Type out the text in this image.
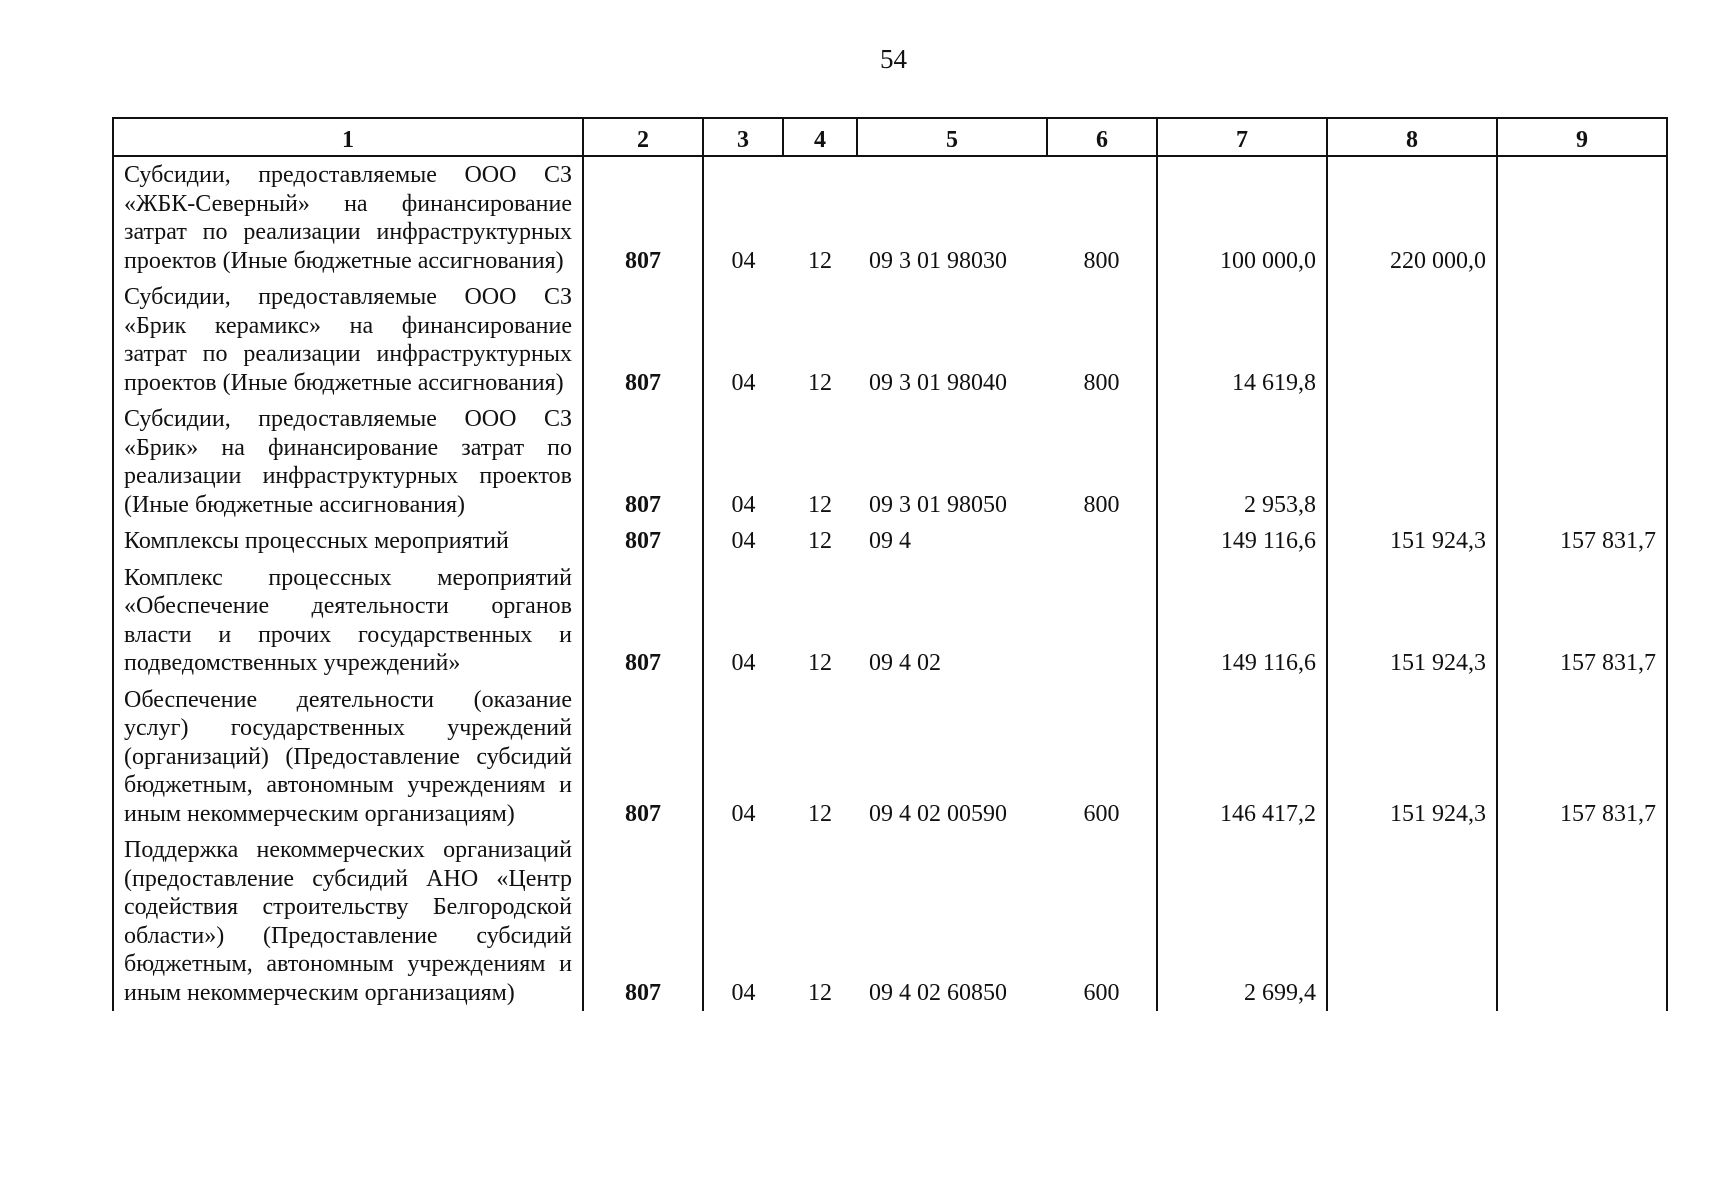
54
1	2	3	4	5	6	7	8	9
Субсидии, предоставляемые ООО СЗ «ЖБК-Северный» на финансирование затрат по реализации инфраструктурных проектов (Иные бюджетные ассигнования)	807	04	12	09 3 01 98030	800	100 000,0	220 000,0	
Субсидии, предоставляемые ООО СЗ «Брик керамикс» на финансирование затрат по реализации инфраструктурных проектов (Иные бюджетные ассигнования)	807	04	12	09 3 01 98040	800	14 619,8		
Субсидии, предоставляемые ООО СЗ «Брик» на финансирование затрат по реализации инфраструктурных проектов (Иные бюджетные ассигнования)	807	04	12	09 3 01 98050	800	2 953,8		
Комплексы процессных мероприятий	807	04	12	09 4		149 116,6	151 924,3	157 831,7
Комплекс процессных мероприятий «Обеспечение деятельности органов власти и прочих государственных и подведомственных учреждений»	807	04	12	09 4 02		149 116,6	151 924,3	157 831,7
Обеспечение деятельности (оказание услуг) государственных учреждений (организаций) (Предоставление субсидий бюджетным, автономным учреждениям и иным некоммерческим организациям)	807	04	12	09 4 02 00590	600	146 417,2	151 924,3	157 831,7
Поддержка некоммерческих организаций (предоставление субсидий АНО «Центр содействия строительству Белгородской области») (Предоставление субсидий бюджетным, автономным учреждениям и иным некоммерческим организациям)	807	04	12	09 4 02 60850	600	2 699,4		
